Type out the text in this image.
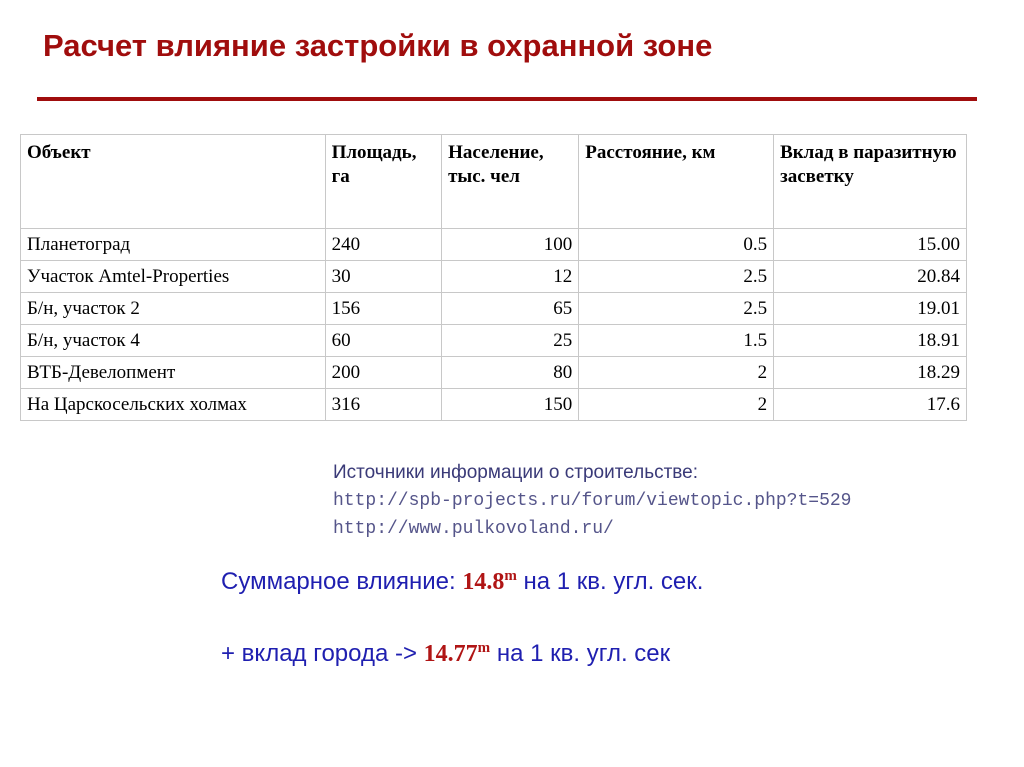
Расчет влияние застройки в охранной зоне
Объект	Площадь, га	Население, тыс. чел	Расстояние, км	Вклад в паразитную засветку
Планетоград	240	100	0.5	15.00
Участок Amtel-Properties	30	12	2.5	20.84
Б/н, участок 2	156	65	2.5	19.01
Б/н, участок 4	60	25	1.5	18.91
ВТБ-Девелопмент	200	80	2	18.29
На Царскосельских холмах	316	150	2	17.6
Источники информации о строительстве:
http://spb-projects.ru/forum/viewtopic.php?t=529
http://www.pulkovoland.ru/
Суммарное влияние: 14.8$^m$ на 1 кв. угл. сек.
+ вклад города -> $14.77^m$ на 1 кв. угл. сек
